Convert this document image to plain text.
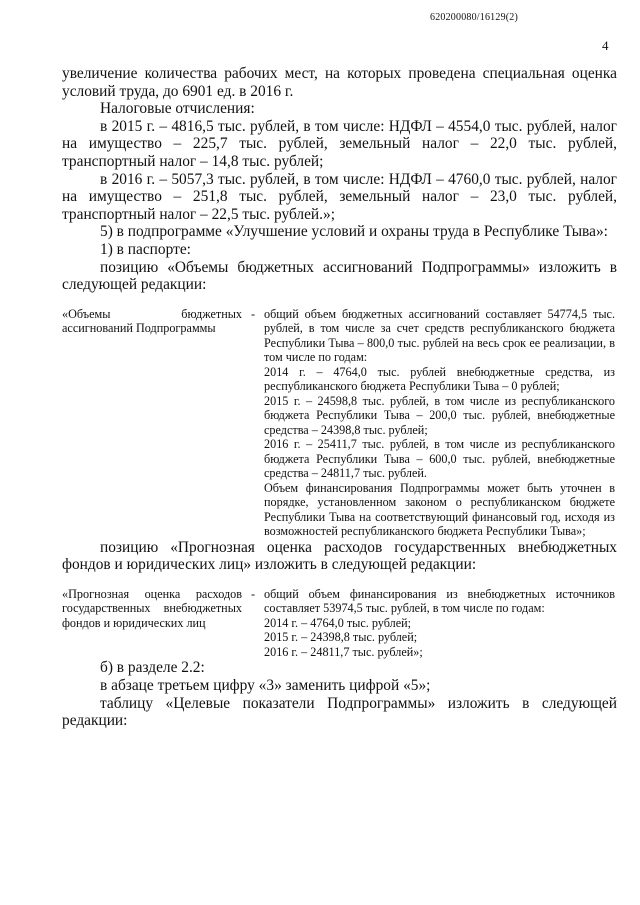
620200080/16129(2)
4

увеличение количества рабочих мест, на которых проведена специальная оценка условий труда, до 6901 ед. в 2016 г.

Налоговые отчисления:

в 2015 г. – 4816,5 тыс. рублей, в том числе: НДФЛ – 4554,0 тыс. рублей, налог на имущество – 225,7 тыс. рублей, земельный налог – 22,0 тыс. рублей, транспортный налог – 14,8 тыс. рублей;

в 2016 г. – 5057,3 тыс. рублей, в том числе: НДФЛ – 4760,0 тыс. рублей, налог на имущество – 251,8 тыс. рублей, земельный налог – 23,0 тыс. рублей, транспортный налог – 22,5 тыс. рублей.»;

5) в подпрограмме «Улучшение условий и охраны труда в Республике Тыва»:

1) в паспорте:

позицию «Объемы бюджетных ассигнований Подпрограммы» изложить в следующей редакции:

«Объемы бюджетных ассигнований Подпрограммы
- общий объем бюджетных ассигнований составляет 54774,5 тыс. рублей, в том числе за счет средств республиканского бюджета Республики Тыва – 800,0 тыс. рублей на весь срок ее реализации, в том числе по годам:
2014 г. – 4764,0 тыс. рублей внебюджетные средства, из республиканского бюджета Республики Тыва – 0 рублей;
2015 г. – 24598,8 тыс. рублей, в том числе из республиканского бюджета Республики Тыва – 200,0 тыс. рублей, внебюджетные средства – 24398,8 тыс. рублей;
2016 г. – 25411,7 тыс. рублей, в том числе из республиканского бюджета Республики Тыва – 600,0 тыс. рублей, внебюджетные средства – 24811,7 тыс. рублей.
Объем финансирования Подпрограммы может быть уточнен в порядке, установленном законом о республиканском бюджете Республики Тыва на соответствующий финансовый год, исходя из возможностей республиканского бюджета Республики Тыва»;

позицию «Прогнозная оценка расходов государственных внебюджетных фондов и юридических лиц» изложить в следующей редакции:

«Прогнозная оценка расходов государственных внебюджетных фондов и юридических лиц
- общий объем финансирования из внебюджетных источников составляет 53974,5 тыс. рублей, в том числе по годам:
2014 г. – 4764,0 тыс. рублей;
2015 г. – 24398,8 тыс. рублей;
2016 г. – 24811,7 тыс. рублей»;

б) в разделе 2.2:

в абзаце третьем цифру «3» заменить цифрой «5»;

таблицу «Целевые показатели Подпрограммы» изложить в следующей редакции:
